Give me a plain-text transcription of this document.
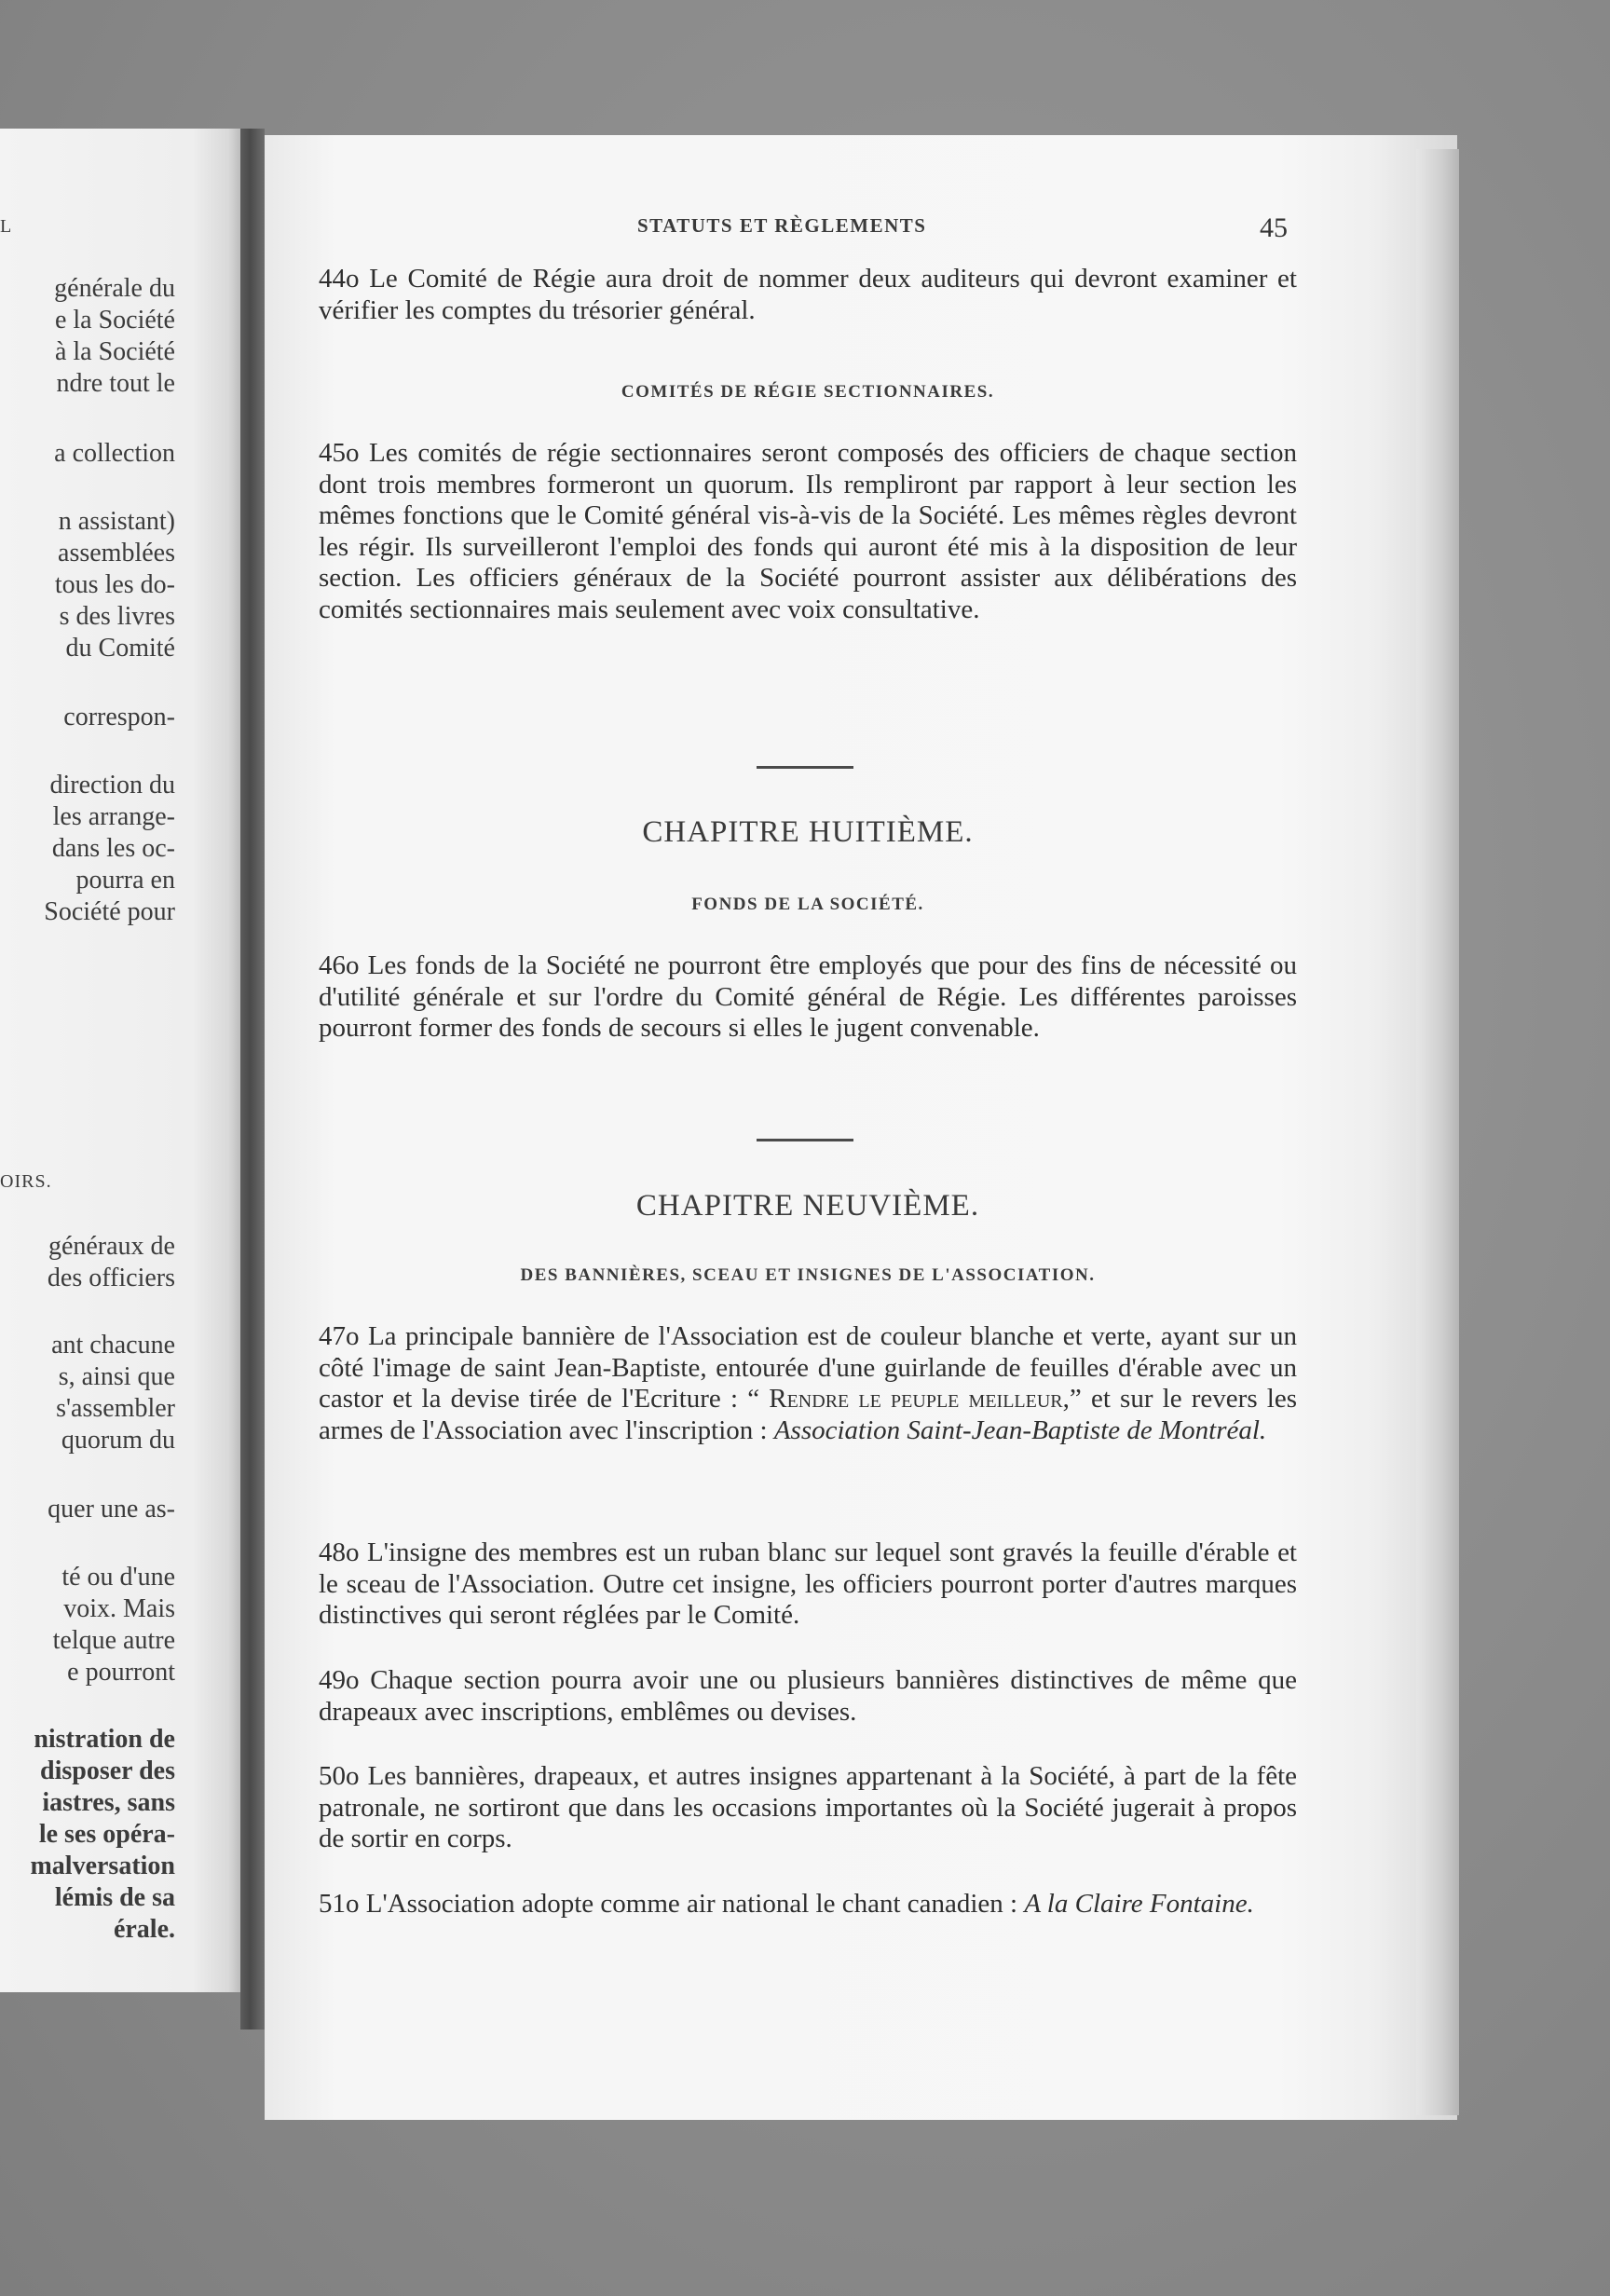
L
générale du
e la Société
à la Société
ndre tout le
a collection
n assistant)
assemblées
tous les do-
s des livres
du Comité
correspon-
direction du
les arrange-
dans les oc-
pourra en
Société pour
OIRS.
généraux de
des officiers
ant chacune
s, ainsi que
s'assembler
quorum du
quer une as-
té ou d'une
voix. Mais
telque autre
e pourront
nistration de
disposer des
iastres, sans
le ses opéra-
malversation
lémis de sa
érale.
STATUTS ET RÈGLEMENTS	45
44o Le Comité de Régie aura droit de nommer deux auditeurs qui devront examiner et vérifier les comptes du trésorier général.
COMITÉS DE RÉGIE SECTIONNAIRES.
45o Les comités de régie sectionnaires seront composés des officiers de chaque section dont trois membres formeront un quorum. Ils rempliront par rapport à leur section les mêmes fonctions que le Comité général vis-à-vis de la Société. Les mêmes règles devront les régir. Ils surveilleront l'emploi des fonds qui auront été mis à la disposition de leur section. Les officiers généraux de la Société pourront assister aux délibérations des comités sectionnaires mais seulement avec voix consultative.
CHAPITRE HUITIÈME.
FONDS DE LA SOCIÉTÉ.
46o Les fonds de la Société ne pourront être employés que pour des fins de nécessité ou d'utilité générale et sur l'ordre du Comité général de Régie. Les différentes paroisses pourront former des fonds de secours si elles le jugent convenable.
CHAPITRE NEUVIÈME.
DES BANNIÈRES, SCEAU ET INSIGNES DE L'ASSOCIATION.
47o La principale bannière de l'Association est de couleur blanche et verte, ayant sur un côté l'image de saint Jean-Baptiste, entourée d'une guirlande de feuilles d'érable avec un castor et la devise tirée de l'Ecriture : “ Rendre le peuple meilleur,” et sur le revers les armes de l'Association avec l'inscription : Association Saint-Jean-Baptiste de Montréal.
48o L'insigne des membres est un ruban blanc sur lequel sont gravés la feuille d'érable et le sceau de l'Association. Outre cet insigne, les officiers pourront porter d'autres marques distinctives qui seront réglées par le Comité.
49o Chaque section pourra avoir une ou plusieurs bannières distinctives de même que drapeaux avec inscriptions, emblêmes ou devises.
50o Les bannières, drapeaux, et autres insignes appartenant à la Société, à part de la fête patronale, ne sortiront que dans les occasions importantes où la Société jugerait à propos de sortir en corps.
51o L'Association adopte comme air national le chant canadien : A la Claire Fontaine.
